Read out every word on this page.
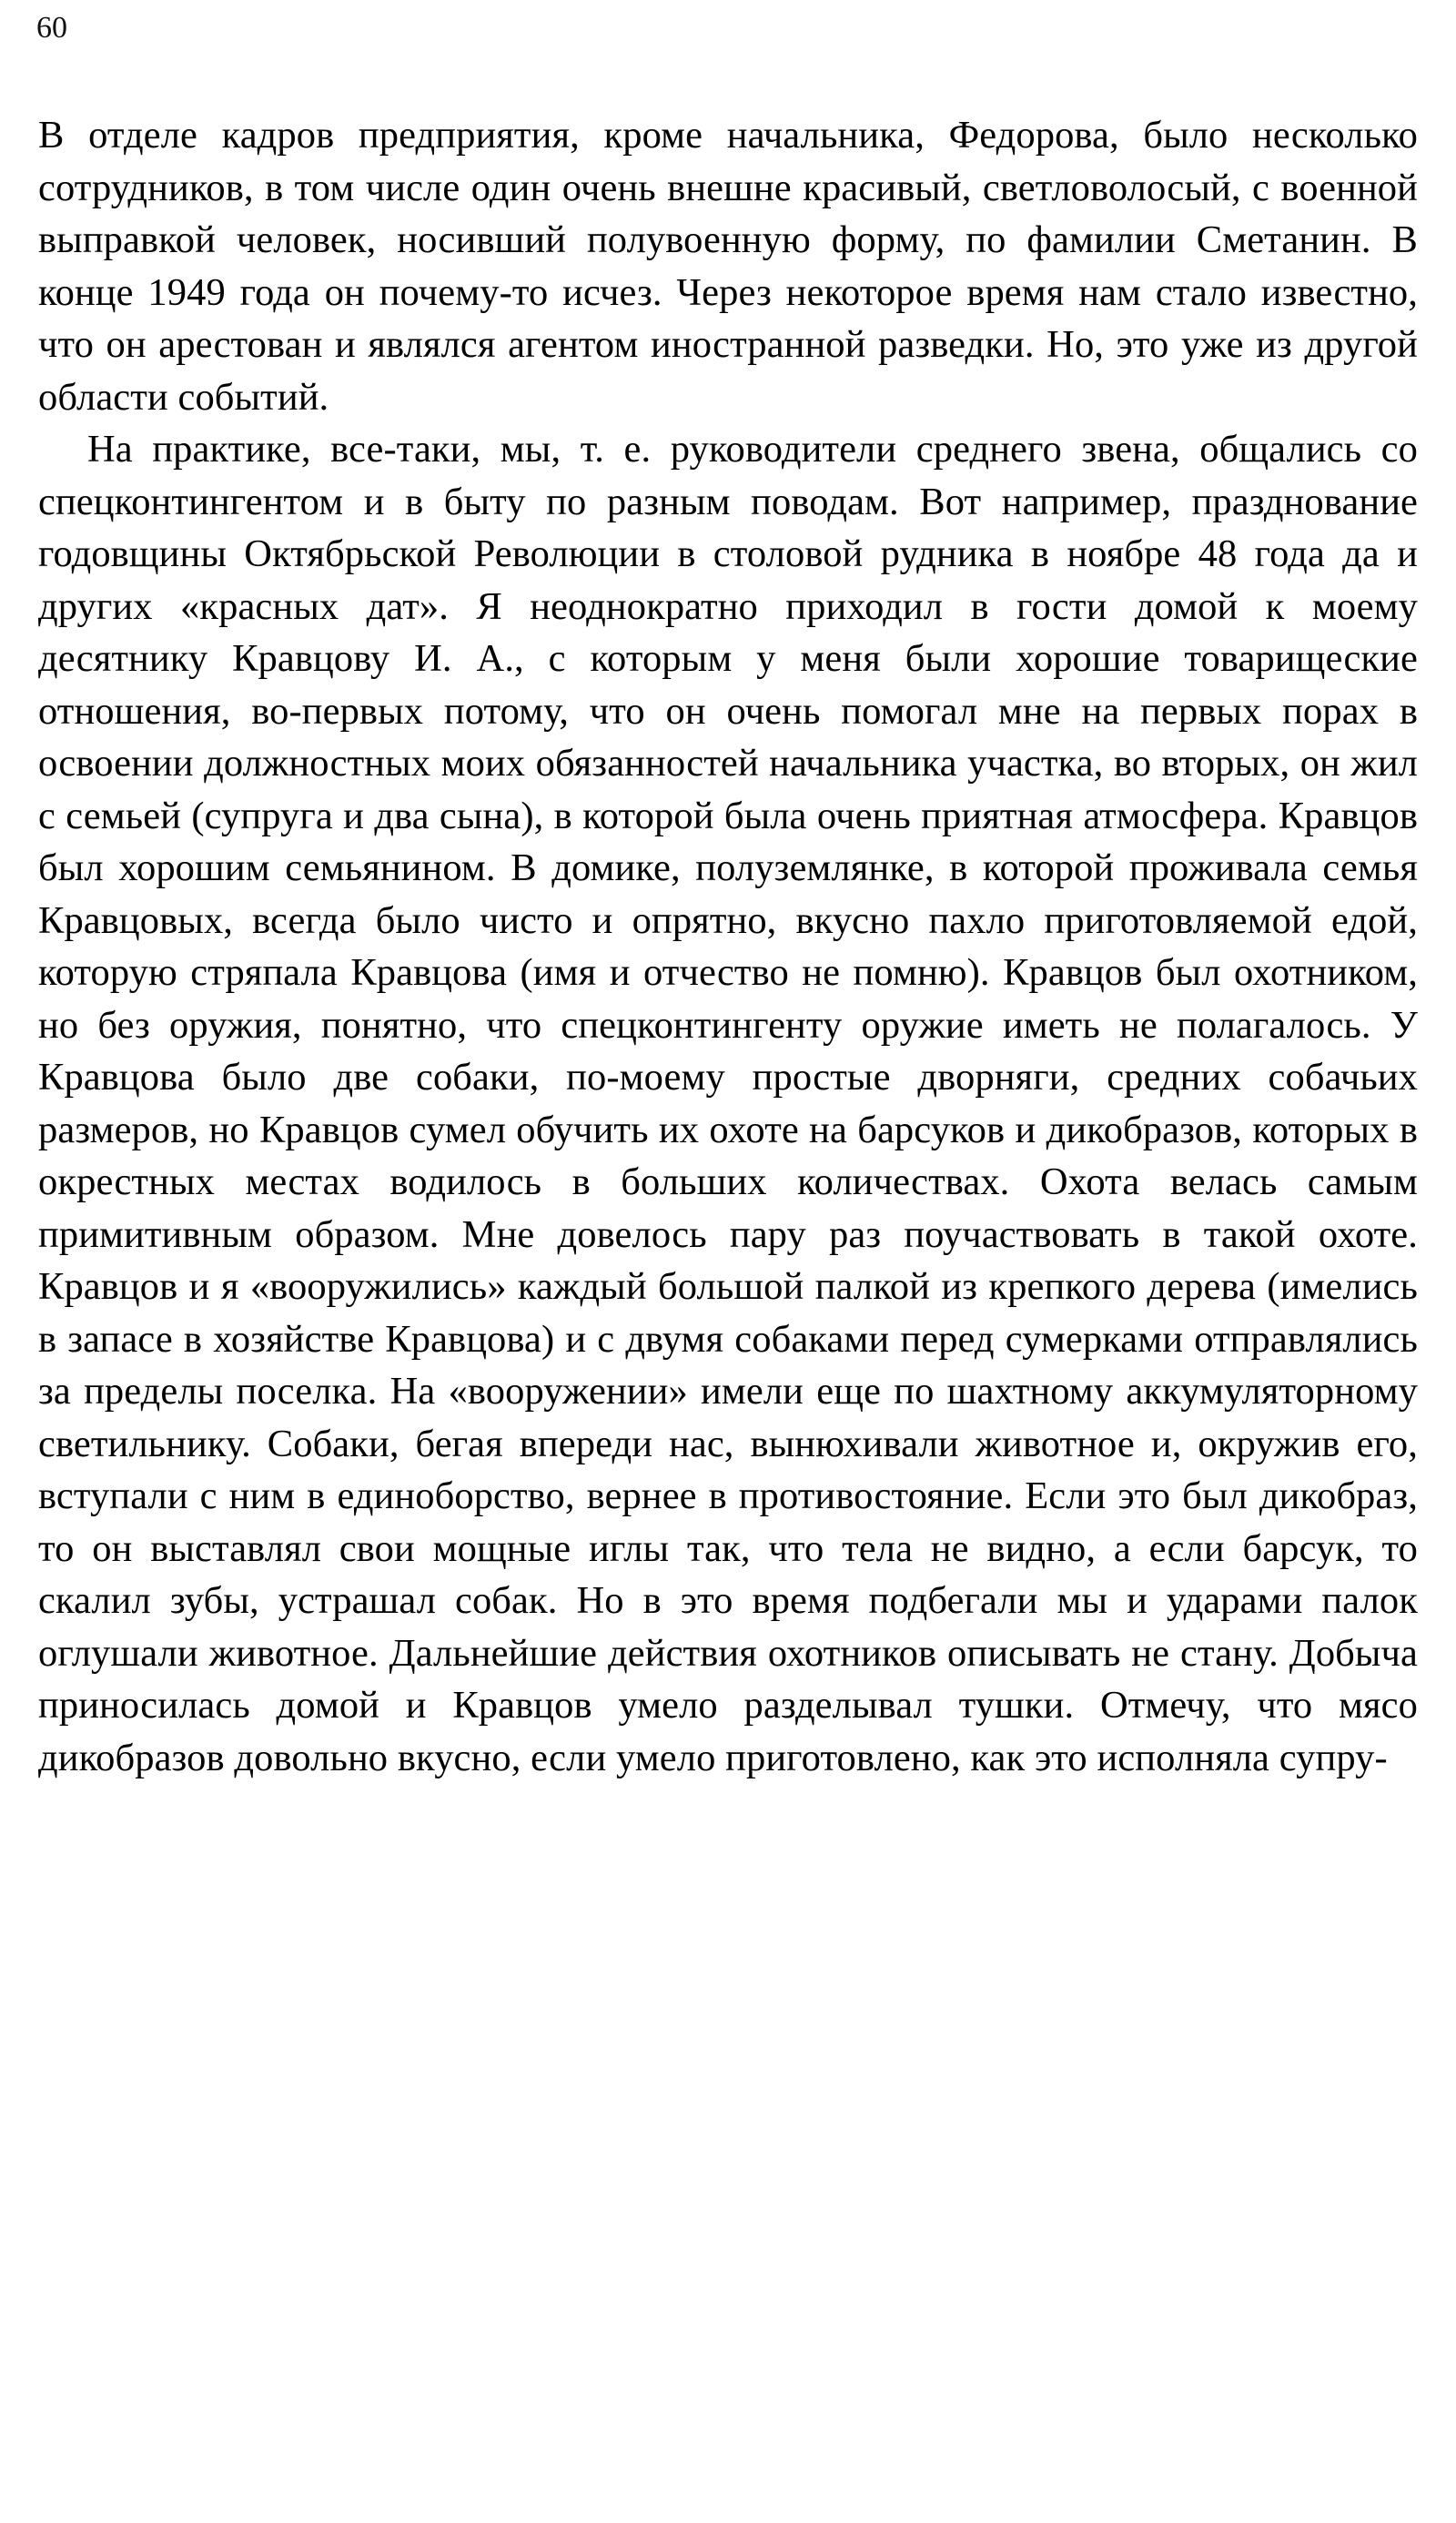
60

В отделе кадров предприятия, кроме начальника, Федорова, было несколько сотрудников, в том числе один очень внешне красивый, светловолосый, с военной выправкой человек, носивший полувоенную форму, по фамилии Сметанин. В конце 1949 года он почему-то исчез. Через некоторое время нам стало известно, что он арестован и являлся агентом иностранной разведки. Но, это уже из другой области событий.

На практике, все-таки, мы, т. е. руководители среднего звена, общались со спецконтингентом и в быту по разным поводам. Вот например, празднование годовщины Октябрьской Революции в столовой рудника в ноябре 48 года да и других «красных дат». Я неоднократно приходил в гости домой к моему десятнику Кравцову И. А., с которым у меня были хорошие товарищеские отношения, во-первых потому, что он очень помогал мне на первых порах в освоении должностных моих обязанностей начальника участка, во вторых, он жил с семьей (супруга и два сына), в которой была очень приятная атмосфера. Кравцов был хорошим семьянином. В домике, полуземлянке, в которой проживала семья Кравцовых, всегда было чисто и опрятно, вкусно пахло приготовляемой едой, которую стряпала Кравцова (имя и отчество не помню). Кравцов был охотником, но без оружия, понятно, что спецконтингенту оружие иметь не полагалось. У Кравцова было две собаки, по-моему простые дворняги, средних собачьих размеров, но Кравцов сумел обучить их охоте на барсуков и дикобразов, которых в окрестных местах водилось в больших количествах. Охота велась самым примитивным образом. Мне довелось пару раз поучаствовать в такой охоте. Кравцов и я «вооружились» каждый большой палкой из крепкого дерева (имелись в запасе в хозяйстве Кравцова) и с двумя собаками перед сумерками отправлялись за пределы поселка. На «вооружении» имели еще по шахтному аккумуляторному светильнику. Собаки, бегая впереди нас, вынюхивали животное и, окружив его, вступали с ним в единоборство, вернее в противостояние. Если это был дикобраз, то он выставлял свои мощные иглы так, что тела не видно, а если барсук, то скалил зубы, устрашал собак. Но в это время подбегали мы и ударами палок оглушали животное. Дальнейшие действия охотников описывать не стану. Добыча приносилась домой и Кравцов умело разделывал тушки. Отмечу, что мясо дикобразов довольно вкусно, если умело приготовлено, как это исполняла супру-
